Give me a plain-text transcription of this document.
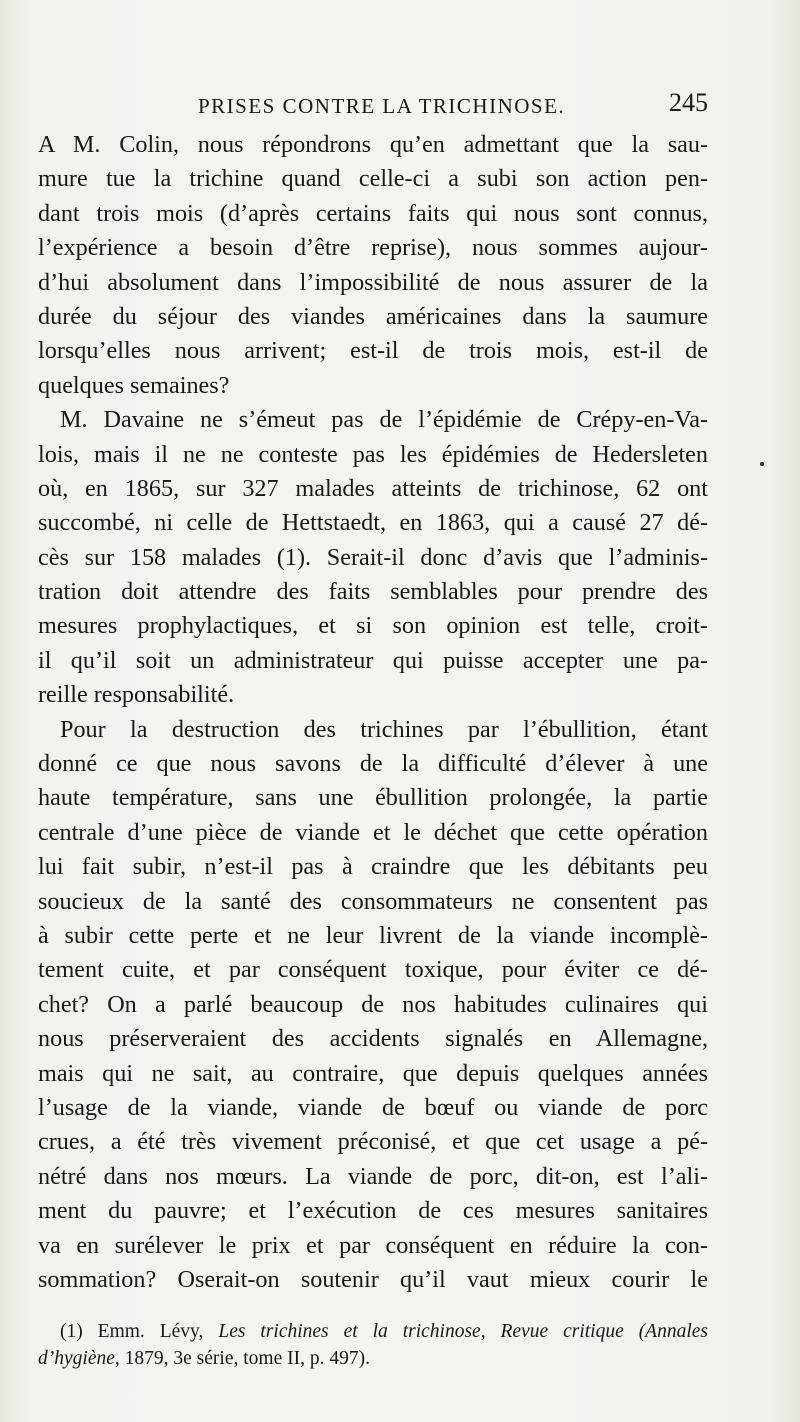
PRISES CONTRE LA TRICHINOSE.	245
A M. Colin, nous répondrons qu’en admettant que la sau-
mure tue la trichine quand celle-ci a subi son action pen-
dant trois mois (d’après certains faits qui nous sont connus,
l’expérience a besoin d’être reprise), nous sommes aujour-
d’hui absolument dans l’impossibilité de nous assurer de la
durée du séjour des viandes américaines dans la saumure
lorsqu’elles nous arrivent; est-il de trois mois, est-il de
quelques semaines?
M. Davaine ne s’émeut pas de l’épidémie de Crépy-en-Va-
lois, mais il ne ne conteste pas les épidémies de Hedersleten
où, en 1865, sur 327 malades atteints de trichinose, 62 ont
succombé, ni celle de Hettstaedt, en 1863, qui a causé 27 dé-
cès sur 158 malades (1). Serait-il donc d’avis que l’adminis-
tration doit attendre des faits semblables pour prendre des
mesures prophylactiques, et si son opinion est telle, croit-
il qu’il soit un administrateur qui puisse accepter une pa-
reille responsabilité.
Pour la destruction des trichines par l’ébullition, étant
donné ce que nous savons de la difficulté d’élever à une
haute température, sans une ébullition prolongée, la partie
centrale d’une pièce de viande et le déchet que cette opération
lui fait subir, n’est-il pas à craindre que les débitants peu
soucieux de la santé des consommateurs ne consentent pas
à subir cette perte et ne leur livrent de la viande incomplè-
tement cuite, et par conséquent toxique, pour éviter ce dé-
chet? On a parlé beaucoup de nos habitudes culinaires qui
nous préserveraient des accidents signalés en Allemagne,
mais qui ne sait, au contraire, que depuis quelques années
l’usage de la viande, viande de bœuf ou viande de porc
crues, a été très vivement préconisé, et que cet usage a pé-
nétré dans nos mœurs. La viande de porc, dit-on, est l’ali-
ment du pauvre; et l’exécution de ces mesures sanitaires
va en surélever le prix et par conséquent en réduire la con-
sommation? Oserait-on soutenir qu’il vaut mieux courir le
(1) Emm. Lévy, Les trichines et la trichinose, Revue critique (Annales
d’hygiène, 1879, 3e série, tome II, p. 497).
